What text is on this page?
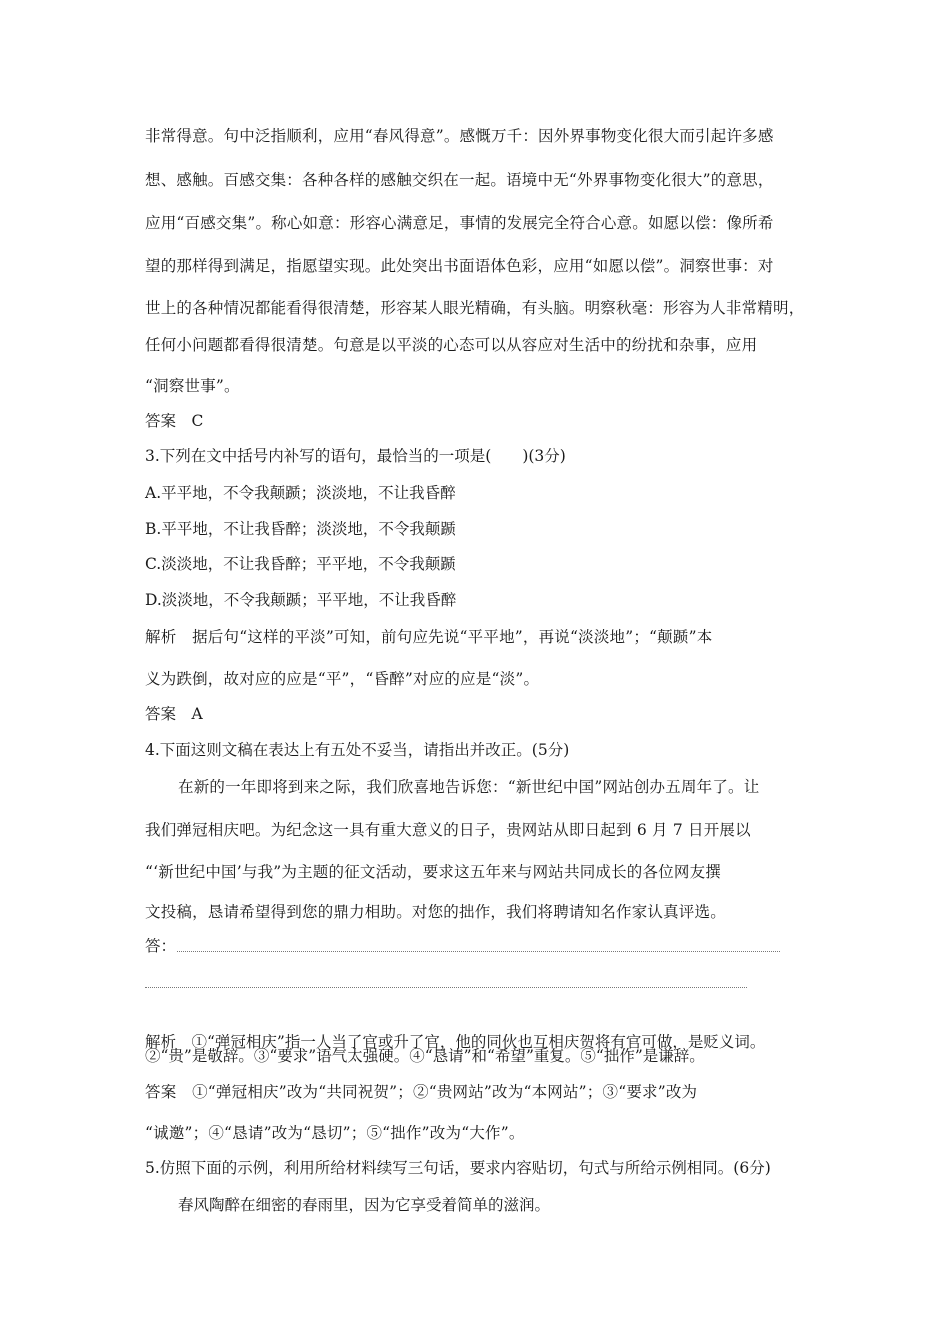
非常得意。句中泛指顺利，应用“春风得意”。感慨万千：因外界事物变化很大而引起许多感
想、感触。百感交集：各种各样的感触交织在一起。语境中无“外界事物变化很大”的意思，
应用“百感交集”。称心如意：形容心满意足，事情的发展完全符合心意。如愿以偿：像所希
望的那样得到满足，指愿望实现。此处突出书面语体色彩，应用“如愿以偿”。洞察世事：对
世上的各种情况都能看得很清楚，形容某人眼光精确，有头脑。明察秋毫：形容为人非常精明，
任何小问题都看得很清楚。句意是以平淡的心态可以从容应对生活中的纷扰和杂事，应用
“洞察世事”。
答案　C
3.下列在文中括号内补写的语句，最恰当的一项是(　　)(3分)
A.平平地，不令我颠踬；淡淡地，不让我昏醉
B.平平地，不让我昏醉；淡淡地，不令我颠踬
C.淡淡地，不让我昏醉；平平地，不令我颠踬
D.淡淡地，不令我颠踬；平平地，不让我昏醉
解析　据后句“这样的平淡”可知，前句应先说“平平地”，再说“淡淡地”；“颠踬”本
义为跌倒，故对应的应是“平”，“昏醉”对应的应是“淡”。
答案　A
4.下面这则文稿在表达上有五处不妥当，请指出并改正。(5分)
在新的一年即将到来之际，我们欣喜地告诉您：“新世纪中国”网站创办五周年了。让
我们弹冠相庆吧。为纪念这一具有重大意义的日子，贵网站从即日起到 6 月 7 日开展以
“‘新世纪中国’与我”为主题的征文活动，要求这五年来与网站共同成长的各位网友撰
文投稿，恳请希望得到您的鼎力相助。对您的拙作，我们将聘请知名作家认真评选。
答：
解析　①“弹冠相庆”指一人当了官或升了官，他的同伙也互相庆贺将有官可做，是贬义词。
②“贵”是敬辞。③“要求”语气太强硬。④“恳请”和“希望”重复。⑤“拙作”是谦辞。
答案　①“弹冠相庆”改为“共同祝贺”；②“贵网站”改为“本网站”；③“要求”改为
“诚邀”；④“恳请”改为“恳切”；⑤“拙作”改为“大作”。
5.仿照下面的示例，利用所给材料续写三句话，要求内容贴切，句式与所给示例相同。(6分)
春风陶醉在细密的春雨里，因为它享受着简单的滋润。
